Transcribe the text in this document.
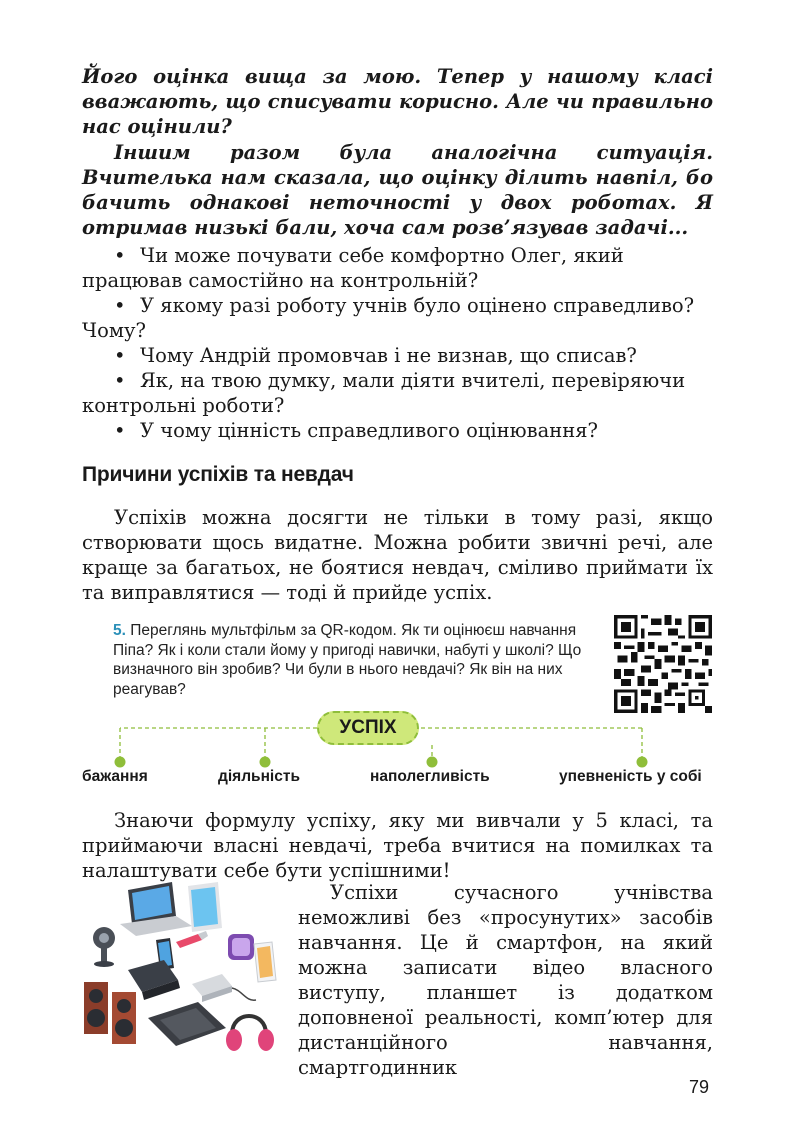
Його оцінка вища за мою. Тепер у нашому класі вважають, що списувати корисно. Але чи правильно нас оцінили?
Іншим разом була аналогічна ситуація. Вчителька нам сказала, що оцінку ділить навпіл, бо бачить однакові неточності у двох роботах. Я отримав низькі бали, хоча сам розв’язував задачі...
• Чи може почувати себе комфортно Олег, який працював самостійно на контрольній?
• У якому разі роботу учнів було оцінено справедливо? Чому?
• Чому Андрій промовчав і не визнав, що списав?
• Як, на твою думку, мали діяти вчителі, перевіряючи контрольні роботи?
• У чому цінність справедливого оцінювання?
Причини успіхів та невдач
Успіхів можна досягти не тільки в тому разі, якщо створювати щось видатне. Можна робити звичні речі, але краще за багатьох, не боятися невдач, сміливо приймати їх та виправлятися — тоді й прийде успіх.
5. Переглянь мультфільм за QR-кодом. Як ти оцінюєш навчання Піпа? Як і коли стали йому у пригоді навички, набуті у школі? Що визначного він зробив? Чи були в нього невдачі? Як він на них реагував?
УСПІХ
бажання	діяльність	наполегливість	упевненість у собі
Знаючи формулу успіху, яку ми вивчали у 5 класі, та приймаючи власні невдачі, треба вчитися на помилках та налаштувати себе бути успішними!
Успіхи сучасного учнівства неможливі без «просунутих» засобів навчання. Це й смартфон, на який можна записати відео власного виступу, планшет із додатком доповненої реальності, комп’ютер для дистанційного навчання, смартгодинник
79
